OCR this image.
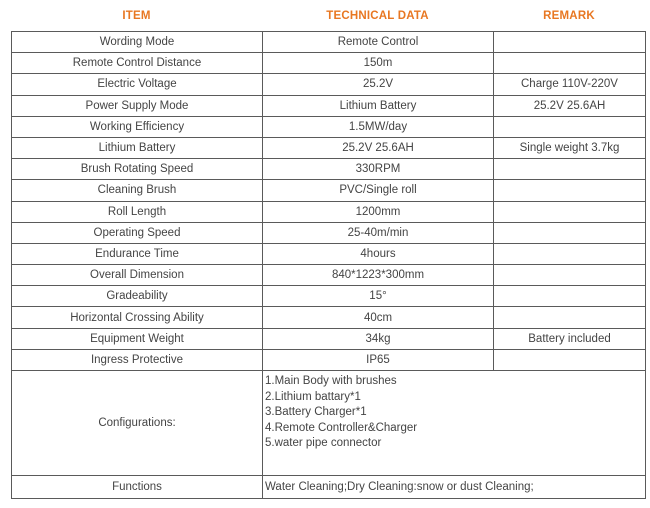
ITEM	TECHNICAL DATA	REMARK
Wording Mode	Remote Control	
Remote Control Distance	150m	
Electric Voltage	25.2V	Charge 110V-220V
Power Supply Mode	Lithium Battery	25.2V 25.6AH
Working Efficiency	1.5MW/day	
Lithium Battery	25.2V 25.6AH	Single weight 3.7kg
Brush Rotating Speed	330RPM	
Cleaning Brush	PVC/Single roll	
Roll Length	1200mm	
Operating Speed	25-40m/min	
Endurance Time	4hours	
Overall Dimension	840*1223*300mm	
Gradeability	15°	
Horizontal Crossing Ability	40cm	
Equipment Weight	34kg	Battery included
Ingress Protective	IP65	
Configurations:	1.Main Body with brushes
2.Lithium battary*1
3.Battery Charger*1
4.Remote Controller&Charger
5.water pipe connector	

Functions	Water Cleaning;Dry Cleaning:snow or dust Cleaning;	
